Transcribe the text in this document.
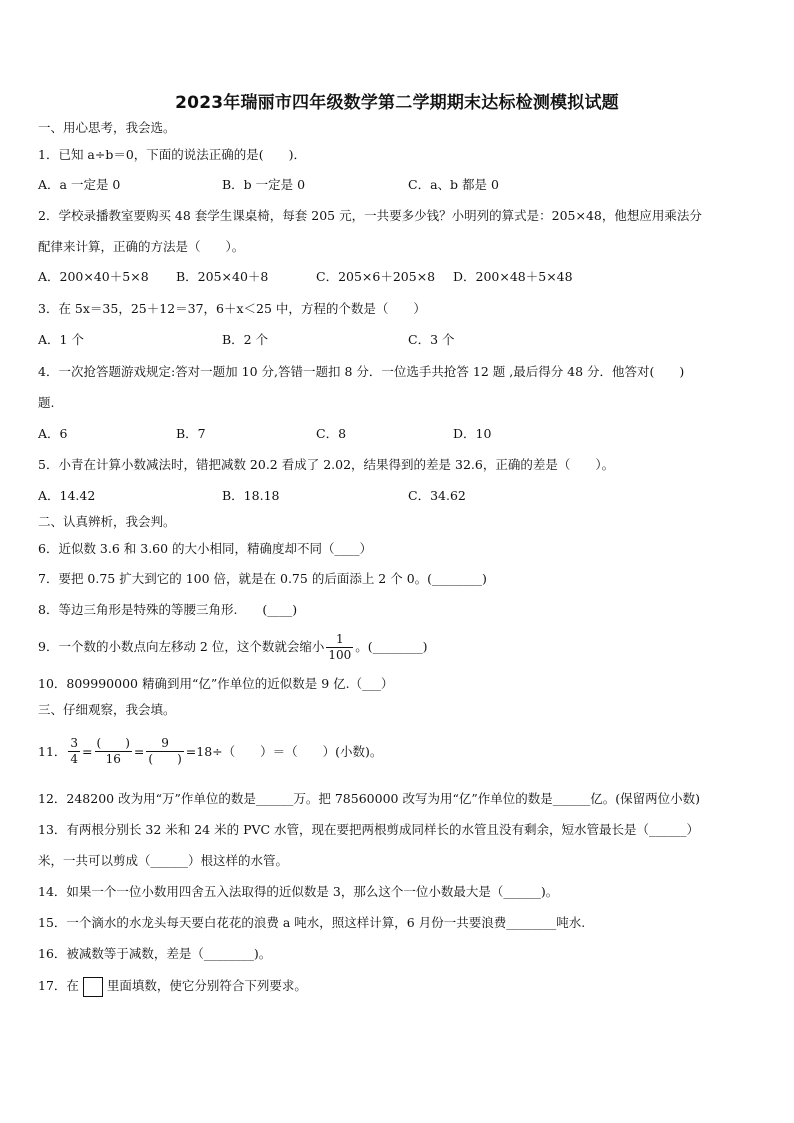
2023年瑞丽市四年级数学第二学期期末达标检测模拟试题
一、用心思考，我会选。
1．已知 a÷b＝0，下面的说法正确的是(　　)．
A．a 一定是 0	B．b 一定是 0	C．a、b 都是 0
2．学校录播教室要购买 48 套学生课桌椅，每套 205 元，一共要多少钱？小明列的算式是：205×48，他想应用乘法分
配律来计算，正确的方法是（　　）。
A．200×40＋5×8 B．205×40＋8	C．205×6＋205×8 D．200×48＋5×48
3．在 5x＝35，25＋12＝37，6＋x＜25 中，方程的个数是（　　）
A．1 个	B．2 个	C．3 个
4．一次抢答题游戏规定:答对一题加 10 分,答错一题扣 8 分．一位选手共抢答 12 题 ,最后得分 48 分．他答对(　　)
题.
A．6	B．7	C．8	D．10
5．小青在计算小数减法时，错把减数 20.2 看成了 2.02，结果得到的差是 32.6，正确的差是（　　）。
A．14.42	B．18.18	C．34.62
二、认真辨析，我会判。
6．近似数 3.6 和 3.60 的大小相同，精确度却不同（____）
7．要把 0.75 扩大到它的 100 倍，就是在 0.75 的后面添上 2 个 0。(________)
8．等边三角形是特殊的等腰三角形.　　(____)
9．一个数的小数点向左移动 2 位，这个数就会缩小 $\frac{1}{100}$ 。(________)
10．809990000 精确到用“亿”作单位的近似数是 9 亿.（___）
三、仔细观察，我会填。
11． $\frac{3}{4} = \frac{( )}{16} = \frac{9}{( )} =18\div$（　　）＝（　　）(小数)。
12．248200 改为用“万”作单位的数是______万。把 78560000 改写为用“亿”作单位的数是______亿。(保留两位小数)
13．有两根分别长 32 米和 24 米的 PVC 水管，现在要把两根剪成同样长的水管且没有剩余，短水管最长是（______）
米，一共可以剪成（______）根这样的水管。
14．如果一个一位小数用四舍五入法取得的近似数是 3，那么这个一位小数最大是（______)。
15．一个滴水的水龙头每天要白花花的浪费 a 吨水，照这样计算，6 月份一共要浪费________吨水.
16．被减数等于减数，差是（________)。
17．在 里面填数，使它分别符合下列要求。
